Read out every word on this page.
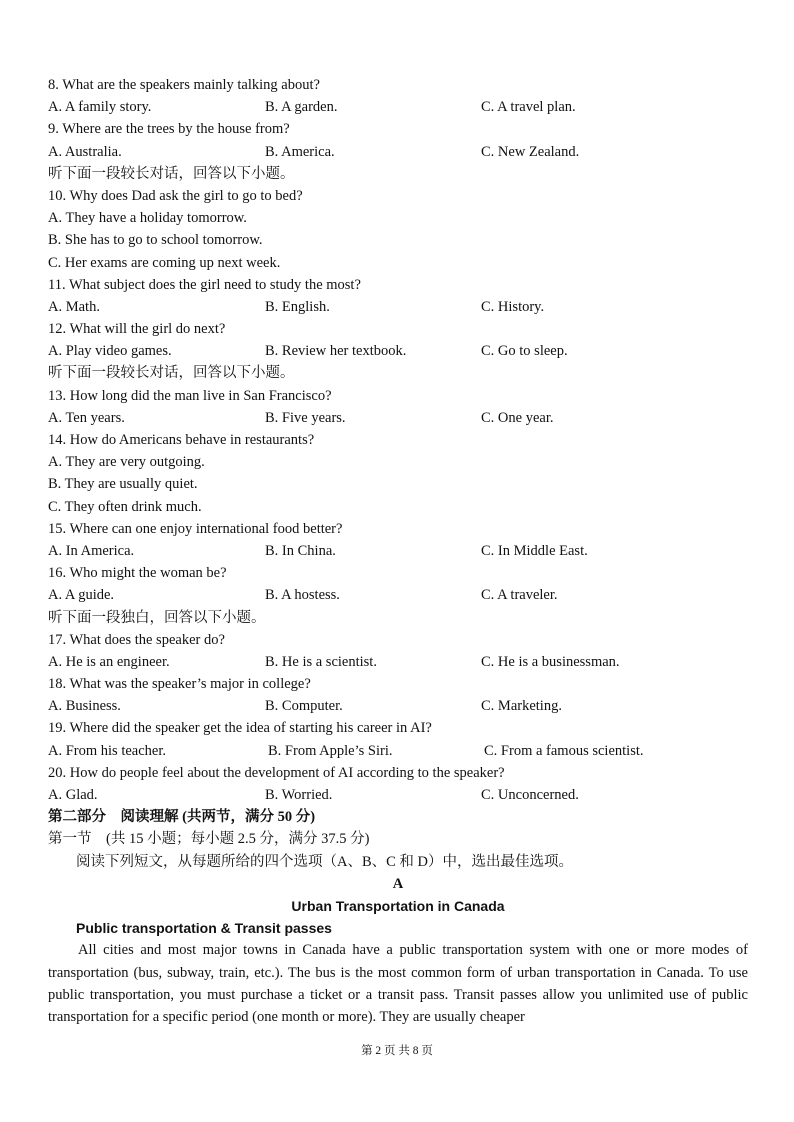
8. What are the speakers mainly talking about?
A. A family story.	B. A garden.	C. A travel plan.
9. Where are the trees by the house from?
A. Australia.	B. America.	C. New Zealand.
听下面一段较长对话，回答以下小题。
10. Why does Dad ask the girl to go to bed?
A. They have a holiday tomorrow.
B. She has to go to school tomorrow.
C. Her exams are coming up next week.
11. What subject does the girl need to study the most?
A. Math.	B. English.	C. History.
12. What will the girl do next?
A. Play video games.	B. Review her textbook.	C. Go to sleep.
听下面一段较长对话，回答以下小题。
13. How long did the man live in San Francisco?
A. Ten years.	B. Five years.	C. One year.
14. How do Americans behave in restaurants?
A. They are very outgoing.
B. They are usually quiet.
C. They often drink much.
15. Where can one enjoy international food better?
A. In America.	B. In China.	C. In Middle East.
16. Who might the woman be?
A. A guide.	B. A hostess.	C. A traveler.
听下面一段独白，回答以下小题。
17. What does the speaker do?
A. He is an engineer.	B. He is a scientist.	C. He is a businessman.
18. What was the speaker’s major in college?
A. Business.	B. Computer.	C. Marketing.
19. Where did the speaker get the idea of starting his career in AI?
A. From his teacher.	B. From Apple’s Siri.	C. From a famous scientist.
20. How do people feel about the development of AI according to the speaker?
A. Glad.	B. Worried.	C. Unconcerned.
第二部分　阅读理解 (共两节，满分 50 分)
第一节　(共 15 小题；每小题 2.5 分，满分 37.5 分)
阅读下列短文，从每题所给的四个选项（A、B、C 和 D）中，选出最佳选项。
A
Urban Transportation in Canada
Public transportation & Transit passes
All cities and most major towns in Canada have a public transportation system with one or more modes of transportation (bus, subway, train, etc.). The bus is the most common form of urban transportation in Canada. To use public transportation, you must purchase a ticket or a transit pass. Transit passes allow you unlimited use of public transportation for a specific period (one month or more). They are usually cheaper
第 2 页 共 8 页
